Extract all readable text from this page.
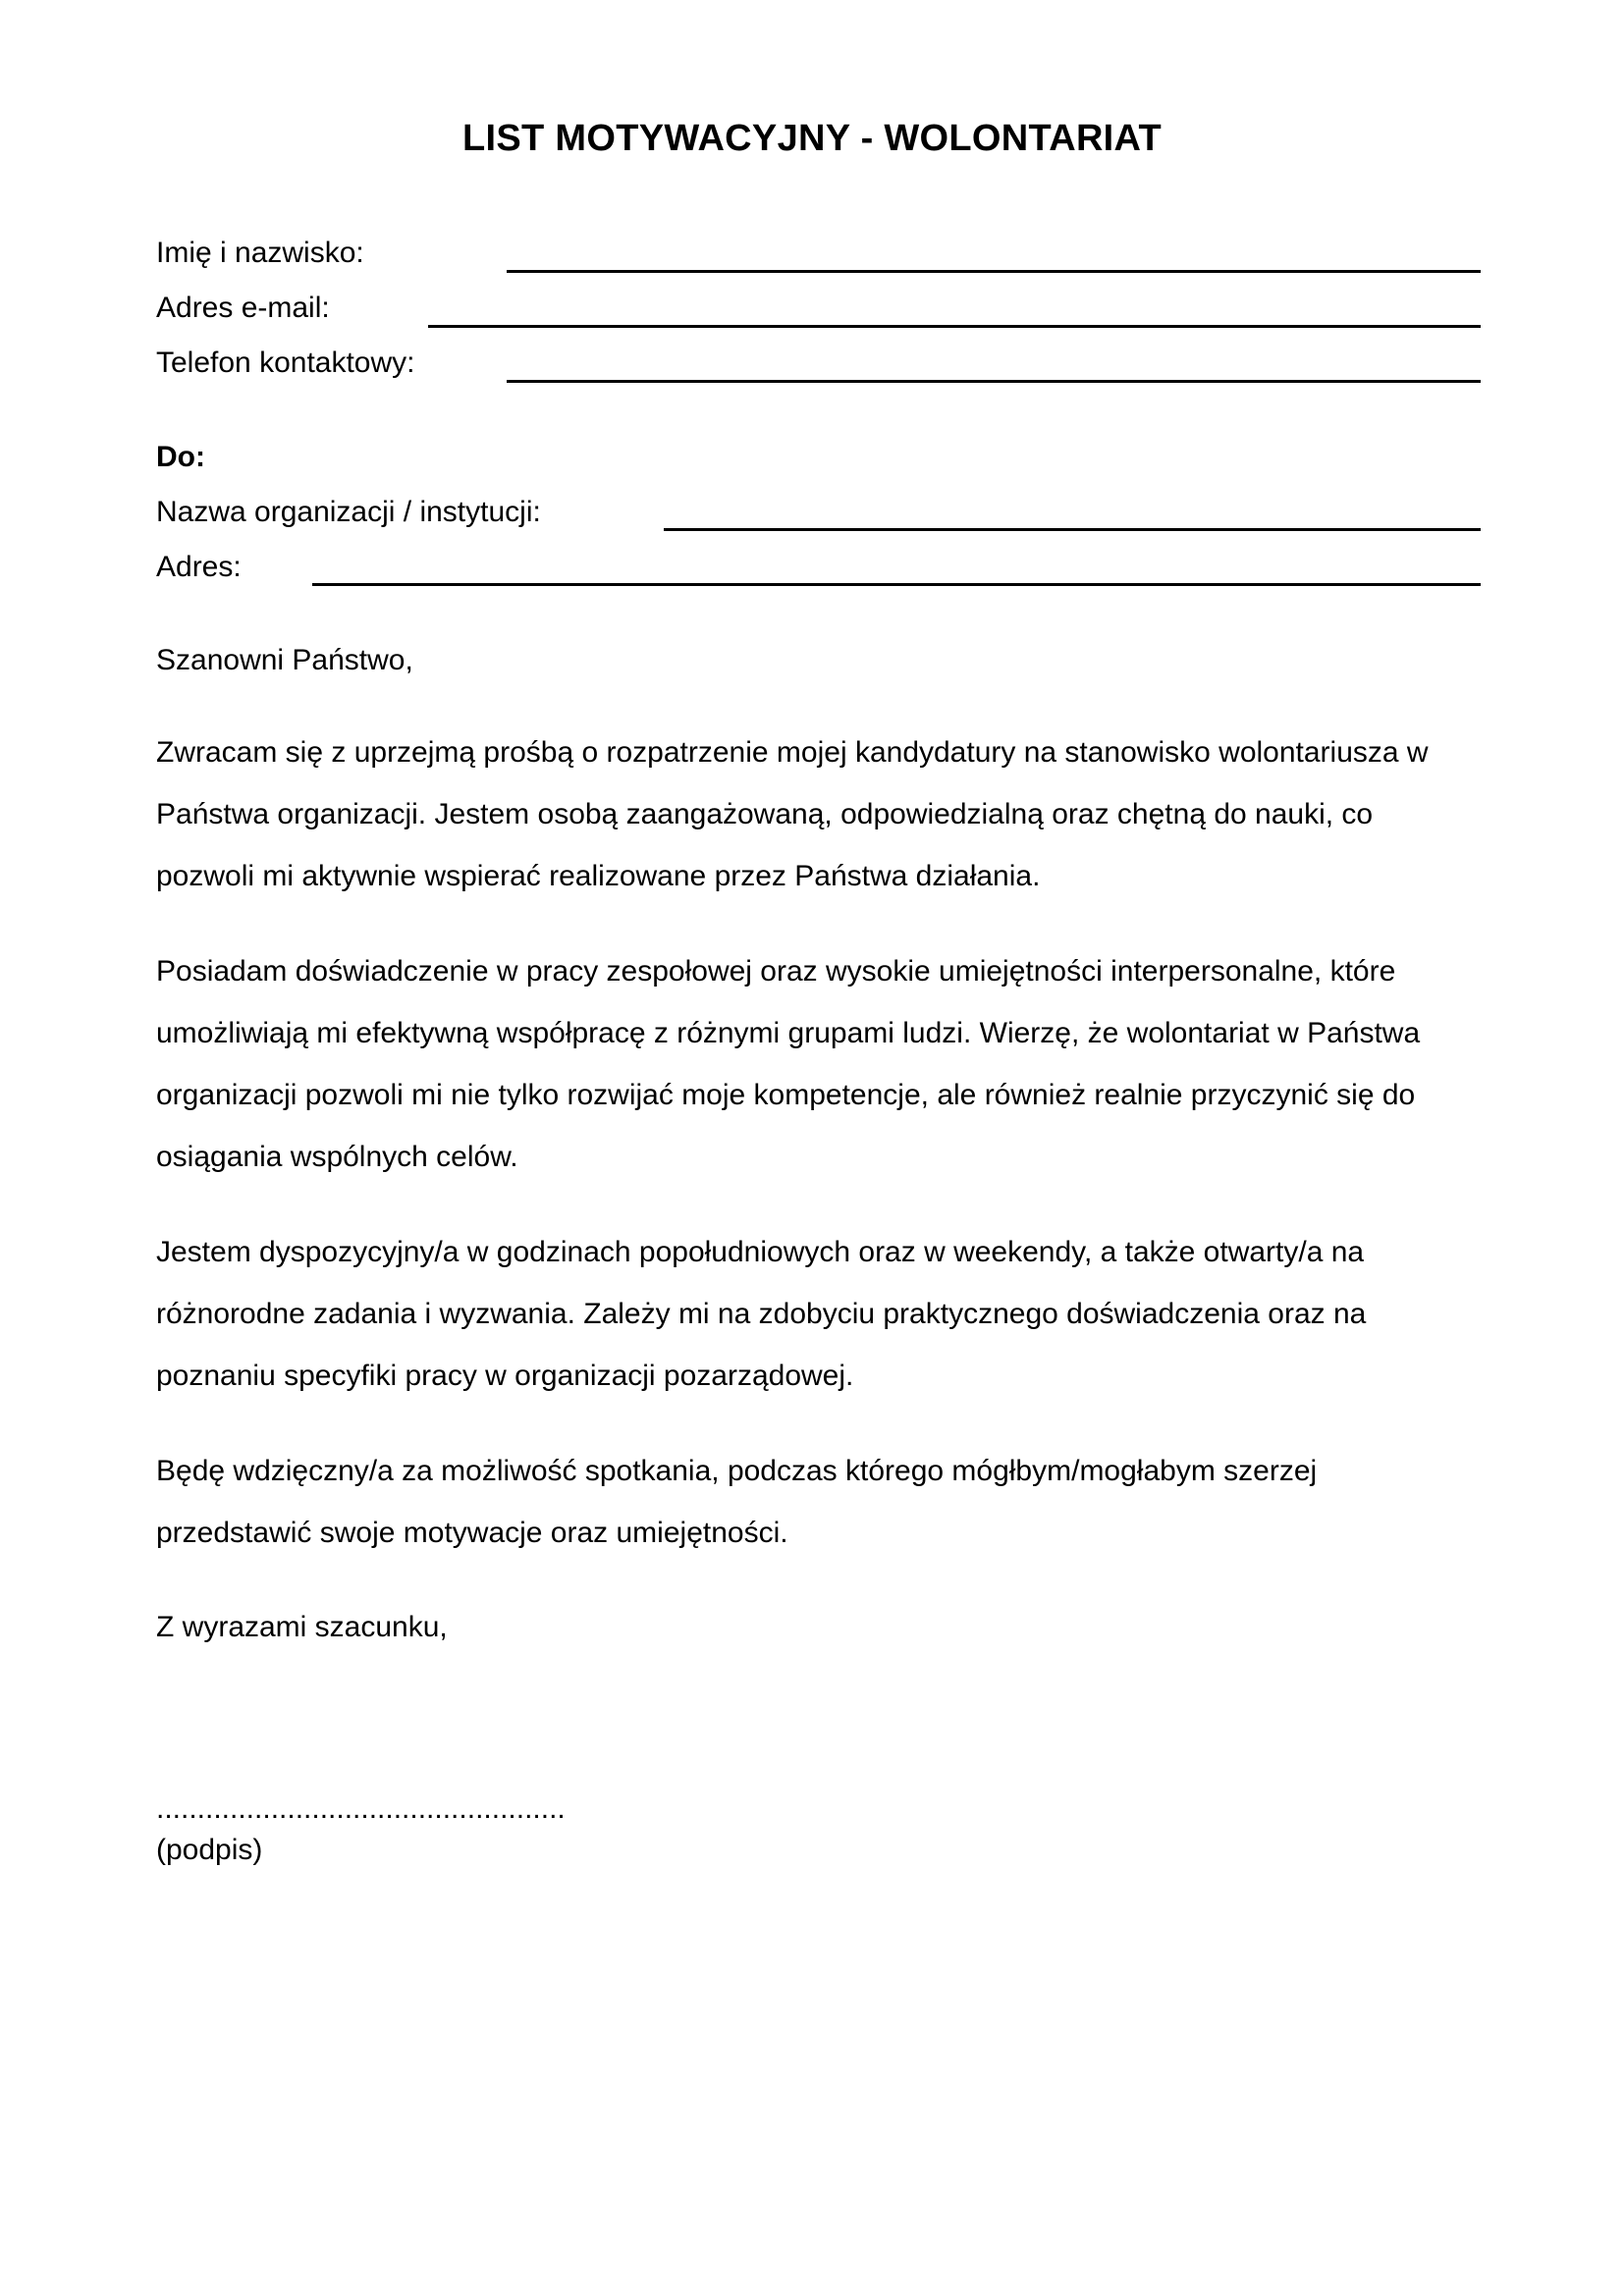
LIST MOTYWACYJNY - WOLONTARIAT
Imię i nazwisko:
Adres e-mail:
Telefon kontaktowy:
Do:
Nazwa organizacji / instytucji:
Adres:
Szanowni Państwo,
Zwracam się z uprzejmą prośbą o rozpatrzenie mojej kandydatury na stanowisko wolontariusza w
Państwa organizacji. Jestem osobą zaangażowaną, odpowiedzialną oraz chętną do nauki, co
pozwoli mi aktywnie wspierać realizowane przez Państwa działania.
Posiadam doświadczenie w pracy zespołowej oraz wysokie umiejętności interpersonalne, które
umożliwiają mi efektywną współpracę z różnymi grupami ludzi. Wierzę, że wolontariat w Państwa
organizacji pozwoli mi nie tylko rozwijać moje kompetencje, ale również realnie przyczynić się do
osiągania wspólnych celów.
Jestem dyspozycyjny/a w godzinach popołudniowych oraz w weekendy, a także otwarty/a na
różnorodne zadania i wyzwania. Zależy mi na zdobyciu praktycznego doświadczenia oraz na
poznaniu specyfiki pracy w organizacji pozarządowej.
Będę wdzięczny/a za możliwość spotkania, podczas którego mógłbym/mogłabym szerzej
przedstawić swoje motywacje oraz umiejętności.
Z wyrazami szacunku,
..................................................
(podpis)
